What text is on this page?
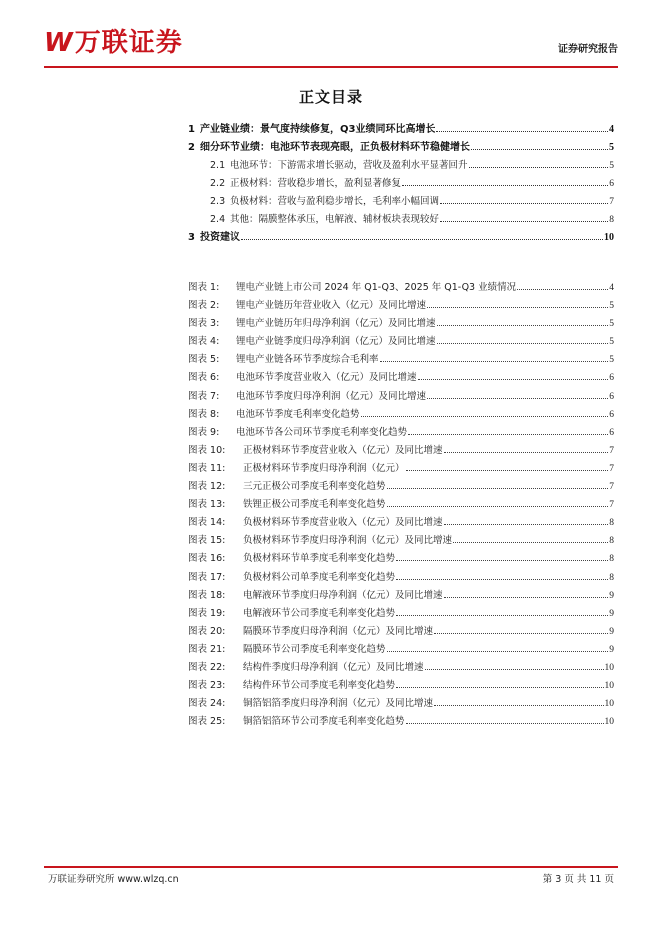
W 万联证券	证券研究报告
正文目录
1 产业链业绩：景气度持续修复，Q3业绩同环比高增长	4
2 细分环节业绩：电池环节表现亮眼，正负极材料环节稳健增长	5
2.1 电池环节：下游需求增长驱动，营收及盈利水平显著回升	5
2.2 正极材料：营收稳步增长，盈利显著修复	6
2.3 负极材料：营收与盈利稳步增长，毛利率小幅回调	7
2.4 其他：隔膜整体承压，电解液、辅材板块表现较好	8
3 投资建议	10
图表 1:	锂电产业链上市公司 2024 年 Q1-Q3、2025 年 Q1-Q3 业绩情况	4
图表 2:	锂电产业链历年营业收入（亿元）及同比增速	5
图表 3:	锂电产业链历年归母净利润（亿元）及同比增速	5
图表 4:	锂电产业链季度归母净利润（亿元）及同比增速	5
图表 5:	锂电产业链各环节季度综合毛利率	5
图表 6:	电池环节季度营业收入（亿元）及同比增速	6
图表 7:	电池环节季度归母净利润（亿元）及同比增速	6
图表 8:	电池环节季度毛利率变化趋势	6
图表 9:	电池环节各公司环节季度毛利率变化趋势	6
图表 10:	正极材料环节季度营业收入（亿元）及同比增速	7
图表 11:	正极材料环节季度归母净利润（亿元）	7
图表 12:	三元正极公司季度毛利率变化趋势	7
图表 13:	铁锂正极公司季度毛利率变化趋势	7
图表 14:	负极材料环节季度营业收入（亿元）及同比增速	8
图表 15:	负极材料环节季度归母净利润（亿元）及同比增速	8
图表 16:	负极材料环节单季度毛利率变化趋势	8
图表 17:	负极材料公司单季度毛利率变化趋势	8
图表 18:	电解液环节季度归母净利润（亿元）及同比增速	9
图表 19:	电解液环节公司季度毛利率变化趋势	9
图表 20:	隔膜环节季度归母净利润（亿元）及同比增速	9
图表 21:	隔膜环节公司季度毛利率变化趋势	9
图表 22:	结构件季度归母净利润（亿元）及同比增速	10
图表 23:	结构件环节公司季度毛利率变化趋势	10
图表 24:	铜箔铝箔季度归母净利润（亿元）及同比增速	10
图表 25:	铜箔铝箔环节公司季度毛利率变化趋势	10
万联证券研究所 www.wlzq.cn	第 3 页 共 11 页
